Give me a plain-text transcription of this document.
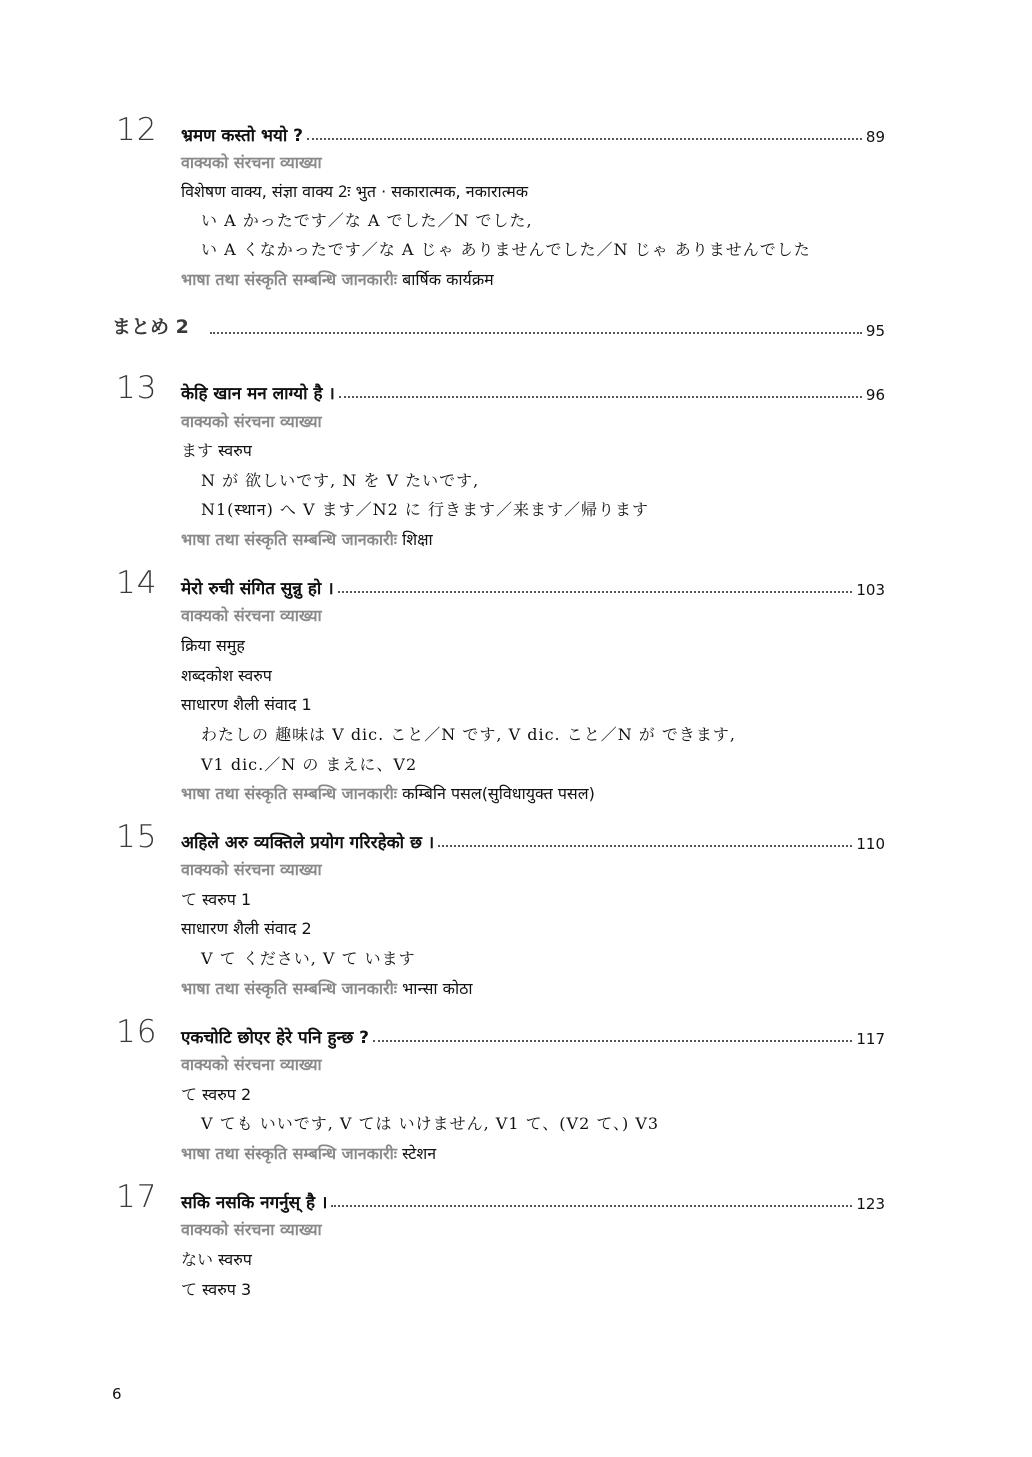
12 भ्रमण कस्तो भयो ?	89
वाक्यको संरचना व्याख्या
विशेषण वाक्य, संज्ञा वाक्य 2ः भुत · सकारात्मक, नकारात्मक
い A かったです／な A でした／N でした,
い A くなかったです／な A じゃ ありませんでした／N じゃ ありませんでした
भाषा तथा संस्कृति सम्बन्धि जानकारीः बार्षिक कार्यक्रम
まとめ 2	95
13 केहि खान मन लाग्यो है ।	96
वाक्यको संरचना व्याख्या
ます स्वरुप
N が 欲しいです, N を V たいです,
N1(स्थान) へ V ます／N2 に 行きます／来ます／帰ります
भाषा तथा संस्कृति सम्बन्धि जानकारीः शिक्षा
14 मेरो रुची संगित सुन्नु हो ।	103
वाक्यको संरचना व्याख्या
क्रिया समुह
शब्दकोश स्वरुप
साधारण शैली संवाद 1
わたしの 趣味は V dic. こと／N です, V dic. こと／N が できます,
V1 dic.／N の まえに、V2
भाषा तथा संस्कृति सम्बन्धि जानकारीः कम्बिनि पसल(सुविधायुक्त पसल)
15 अहिले अरु व्यक्तिले प्रयोग गरिरहेको छ ।	110
वाक्यको संरचना व्याख्या
て स्वरुप 1
साधारण शैली संवाद 2
V て ください, V て います
भाषा तथा संस्कृति सम्बन्धि जानकारीः भान्सा कोठा
16 एकचोटि छोएर हेरे पनि हुन्छ ?	117
वाक्यको संरचना व्याख्या
て स्वरुप 2
V ても いいです, V ては いけません, V1 て、(V2 て、) V3
भाषा तथा संस्कृति सम्बन्धि जानकारीः स्टेशन
17 सकि नसकि नगर्नुस् है ।	123
वाक्यको संरचना व्याख्या
ない स्वरुप
て स्वरुप 3
6
